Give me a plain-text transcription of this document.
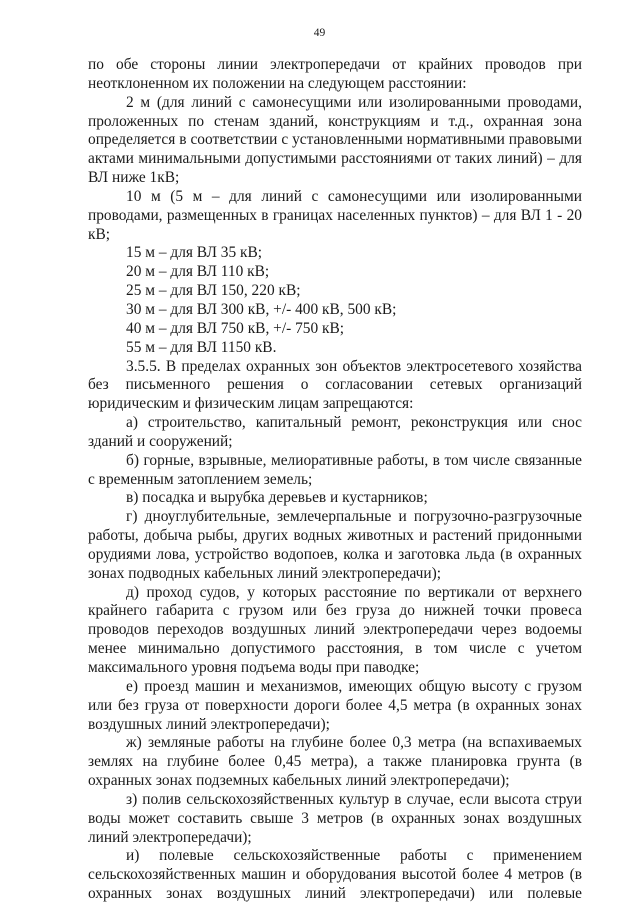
49

по обе стороны линии электропередачи от крайних проводов при неотклоненном их положении на следующем расстоянии:

2 м (для линий с самонесущими или изолированными проводами, проложенных по стенам зданий, конструкциям и т.д., охранная зона определяется в соответствии с установленными нормативными правовыми актами минимальными допустимыми расстояниями от таких линий) – для ВЛ ниже 1кВ;

10 м (5 м – для линий с самонесущими или изолированными проводами, размещенных в границах населенных пунктов) – для ВЛ 1 - 20 кВ;

15 м – для ВЛ 35 кВ;

20 м – для ВЛ 110 кВ;

25 м – для ВЛ 150, 220 кВ;

30 м – для ВЛ 300 кВ, +/- 400 кВ, 500 кВ;

40 м – для ВЛ 750 кВ, +/- 750 кВ;

55 м – для ВЛ 1150 кВ.

3.5.5. В пределах охранных зон объектов электросетевого хозяйства без письменного решения о согласовании сетевых организаций юридическим и физическим лицам запрещаются:

а) строительство, капитальный ремонт, реконструкция или снос зданий и сооружений;

б) горные, взрывные, мелиоративные работы, в том числе связанные с временным затоплением земель;

в) посадка и вырубка деревьев и кустарников;

г) дноуглубительные, землечерпальные и погрузочно-разгрузочные работы, добыча рыбы, других водных животных и растений придонными орудиями лова, устройство водопоев, колка и заготовка льда (в охранных зонах подводных кабельных линий электропередачи);

д) проход судов, у которых расстояние по вертикали от верхнего крайнего габарита с грузом или без груза до нижней точки провеса проводов переходов воздушных линий электропередачи через водоемы менее минимально допустимого расстояния, в том числе с учетом максимального уровня подъема воды при паводке;

е) проезд машин и механизмов, имеющих общую высоту с грузом или без груза от поверхности дороги более 4,5 метра (в охранных зонах воздушных линий электропередачи);

ж) земляные работы на глубине более 0,3 метра (на вспахиваемых землях на глубине более 0,45 метра), а также планировка грунта (в охранных зонах подземных кабельных линий электропередачи);

з) полив сельскохозяйственных культур в случае, если высота струи воды может составить свыше 3 метров (в охранных зонах воздушных линий электропередачи);

и) полевые сельскохозяйственные работы с применением сельскохозяйственных машин и оборудования высотой более 4 метров (в охранных зонах воздушных линий электропередачи) или полевые
